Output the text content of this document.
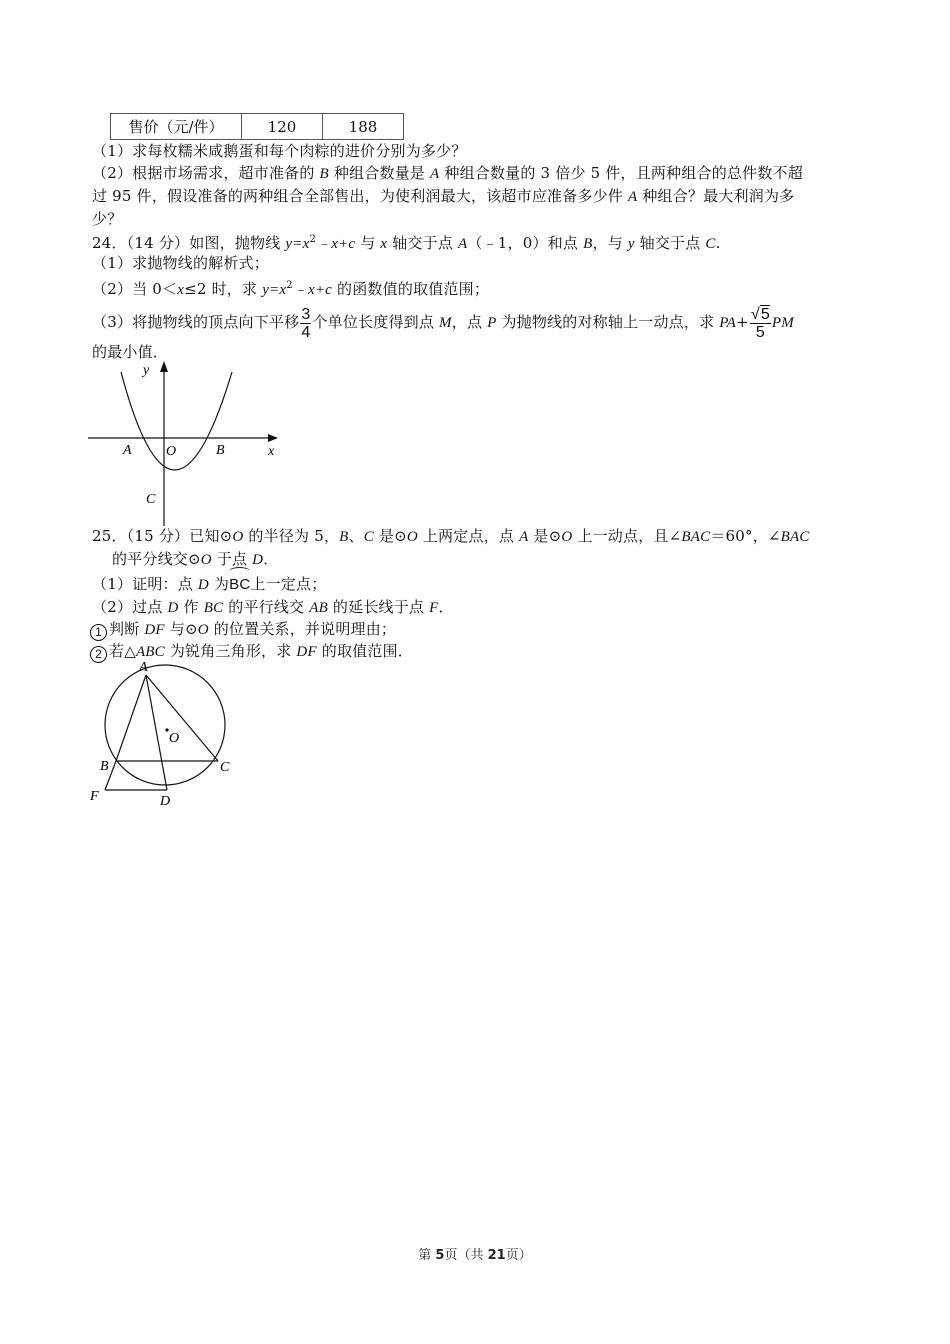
售价（元/件）	120	188
（1）求每枚糯米咸鹅蛋和每个肉粽的进价分别为多少？
（2）根据市场需求，超市准备的 B 种组合数量是 A 种组合数量的 3 倍少 5 件，且两种组合的总件数不超
过 95 件，假设准备的两种组合全部售出，为使利润最大，该超市应准备多少件 A 种组合？最大利润为多
少？
24．（14 分）如图，抛物线 $y=x^2﹣x+c$ 与 x 轴交于点 A（﹣1，0）和点 B，与 y 轴交于点 C.
（1）求抛物线的解析式；
（2）当 0＜x≤2 时，求 $y=x^2﹣x+c$ 的函数值的取值范围；
（3）将抛物线的顶点向下平移 $\frac{3}{4}$ 个单位长度得到点 M，点 P 为抛物线的对称轴上一动点，求 $PA+ \frac{√5}{5}$ PM
的最小值．
y
x
A O	B
C
25．（15 分）已知⊙O 的半径为 5，B、C 是⊙O 上两定点，点 A 是⊙O 上一动点，且∠BAC＝60°，∠BAC
的平分线交⊙O 于点 D．
（1）证明：点 D 为BC上一定点；
（2）过点 D 作 BC 的平行线交 AB 的延长线于点 F．
1 判断 DF 与⊙O 的位置关系，并说明理由；
2 若△ABC 为锐角三角形，求 DF 的取值范围．
A
O
B	C
F	D
第 5页（共 21页）
